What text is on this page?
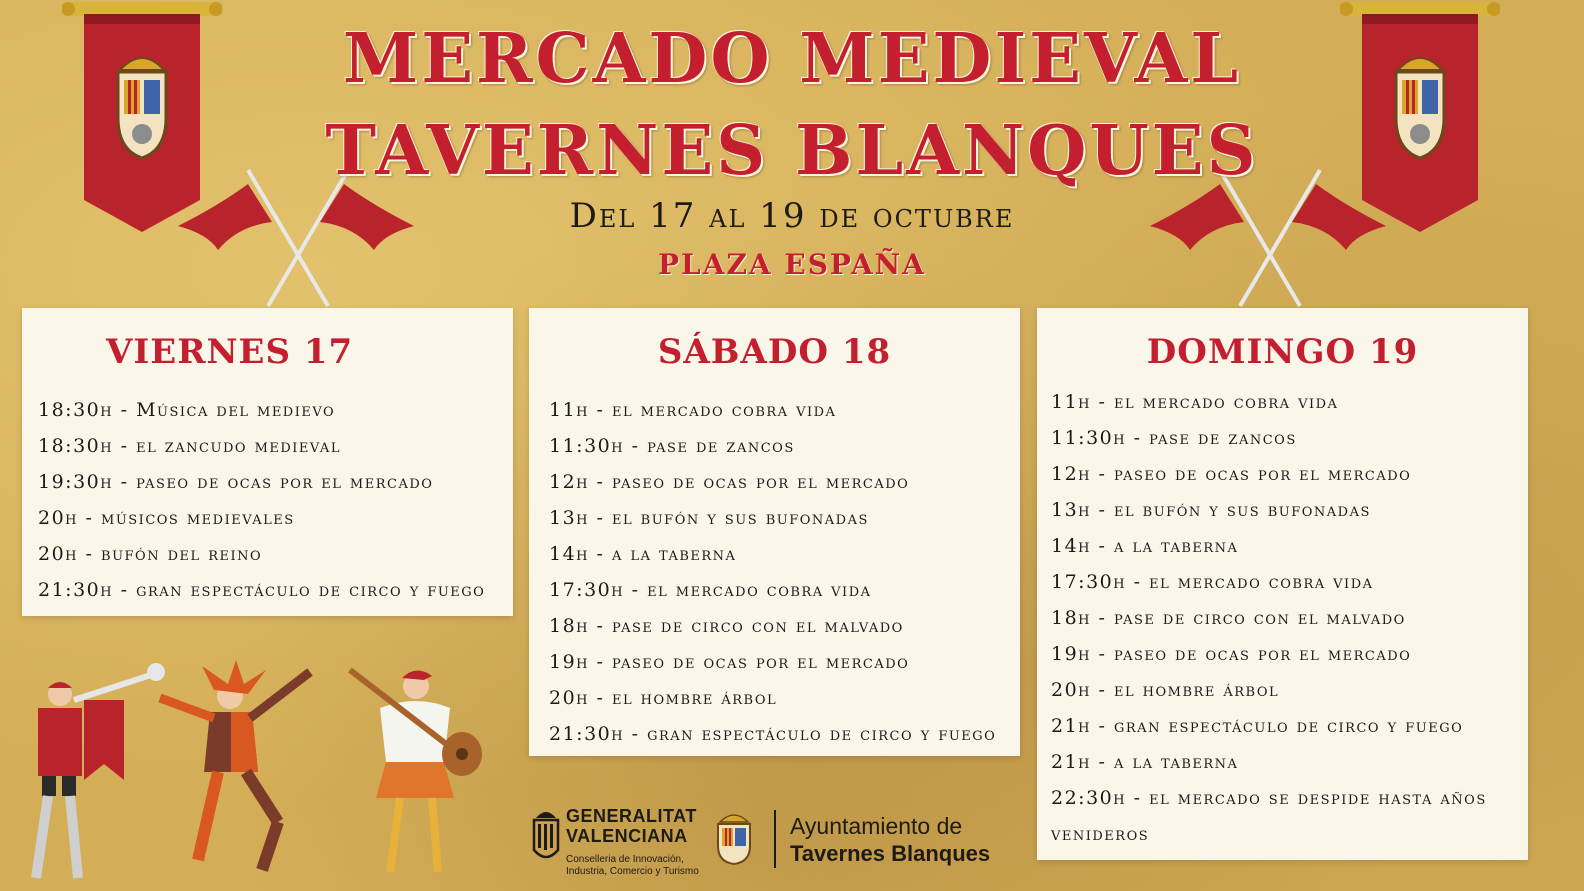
MERCADO MEDIEVAL
TAVERNES BLANQUES
Del 17 al 19 de octubre
PLAZA ESPAÑA
VIERNES 17
18:30h - Música del medievo
18:30h - el zancudo medieval
19:30h - paseo de ocas por el mercado
20h - músicos medievales
20h - bufón del reino
21:30h - gran espectáculo de circo y fuego
SÁBADO 18
11h - el mercado cobra vida
11:30h - pase de zancos
12h - paseo de ocas por el mercado
13h - el bufón y sus bufonadas
14h - a la taberna
17:30h - el mercado cobra vida
18h - pase de circo con el malvado
19h - paseo de ocas por el mercado
20h - el hombre árbol
21:30h - gran espectáculo de circo y fuego
DOMINGO 19
11h - el mercado cobra vida
11:30h - pase de zancos
12h - paseo de ocas por el mercado
13h - el bufón y sus bufonadas
14h - a la taberna
17:30h - el mercado cobra vida
18h - pase de circo con el malvado
19h - paseo de ocas por el mercado
20h - el hombre árbol
21h - gran espectáculo de circo y fuego
21h - a la taberna
22:30h - el mercado se despide hasta años venideros
GENERALITAT
VALENCIANA
Conselleria de Innovación, Industria, Comercio y Turismo
Ayuntamiento de
Tavernes Blanques
